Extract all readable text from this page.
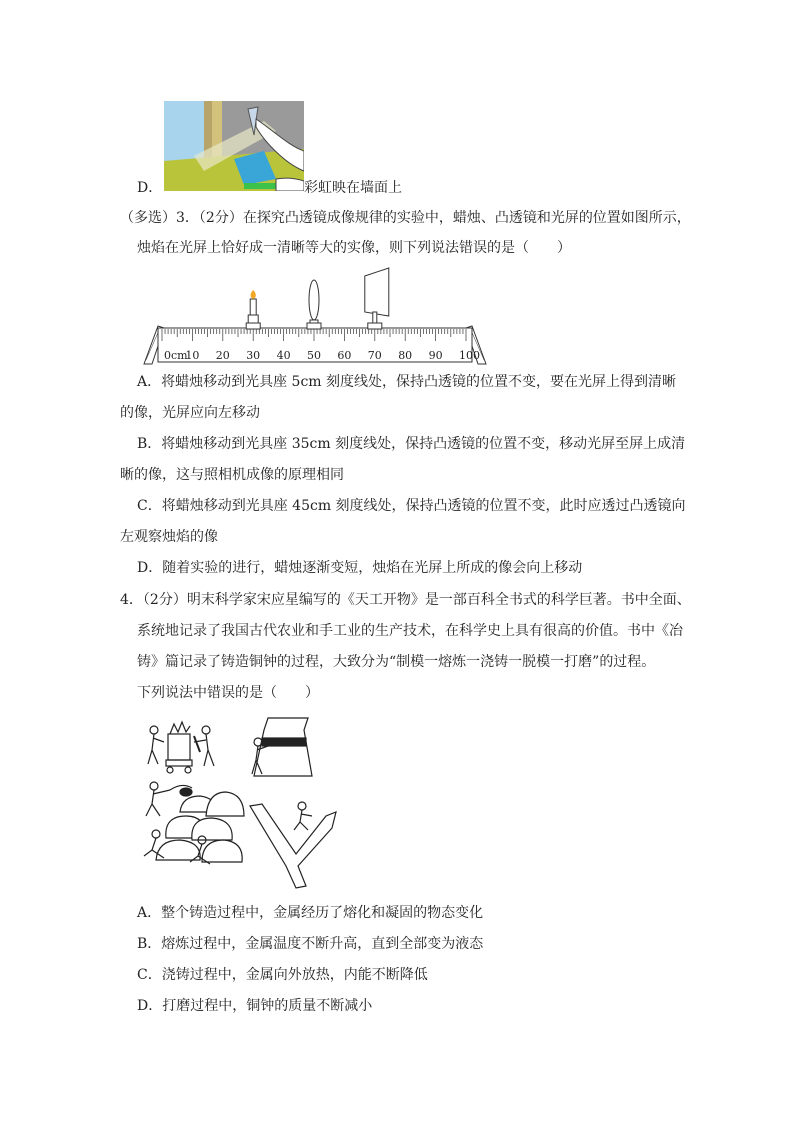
D．	彩虹映在墙面上
（多选）3．（2分）在探究凸透镜成像规律的实验中，蜡烛、凸透镜和光屏的位置如图所示，
烛焰在光屏上恰好成一清晰等大的实像，则下列说法错误的是（　　）
0cm
10 20 30 40 50 60 70 80 90 100
A．将蜡烛移动到光具座 5cm 刻度线处，保持凸透镜的位置不变，要在光屏上得到清晰
的像，光屏应向左移动
B．将蜡烛移动到光具座 35cm 刻度线处，保持凸透镜的位置不变，移动光屏至屏上成清
晰的像，这与照相机成像的原理相同
C．将蜡烛移动到光具座 45cm 刻度线处，保持凸透镜的位置不变，此时应透过凸透镜向
左观察烛焰的像
D．随着实验的进行，蜡烛逐渐变短，烛焰在光屏上所成的像会向上移动
4．（2分）明末科学家宋应星编写的《天工开物》是一部百科全书式的科学巨著。书中全面、
系统地记录了我国古代农业和手工业的生产技术，在科学史上具有很高的价值。书中《冶
铸》篇记录了铸造铜钟的过程，大致分为“制模一熔炼一浇铸一脱模一打磨”的过程。
下列说法中错误的是（　　）
A．整个铸造过程中，金属经历了熔化和凝固的物态变化
B．熔炼过程中，金属温度不断升高，直到全部变为液态
C．浇铸过程中，金属向外放热，内能不断降低
D．打磨过程中，铜钟的质量不断减小
